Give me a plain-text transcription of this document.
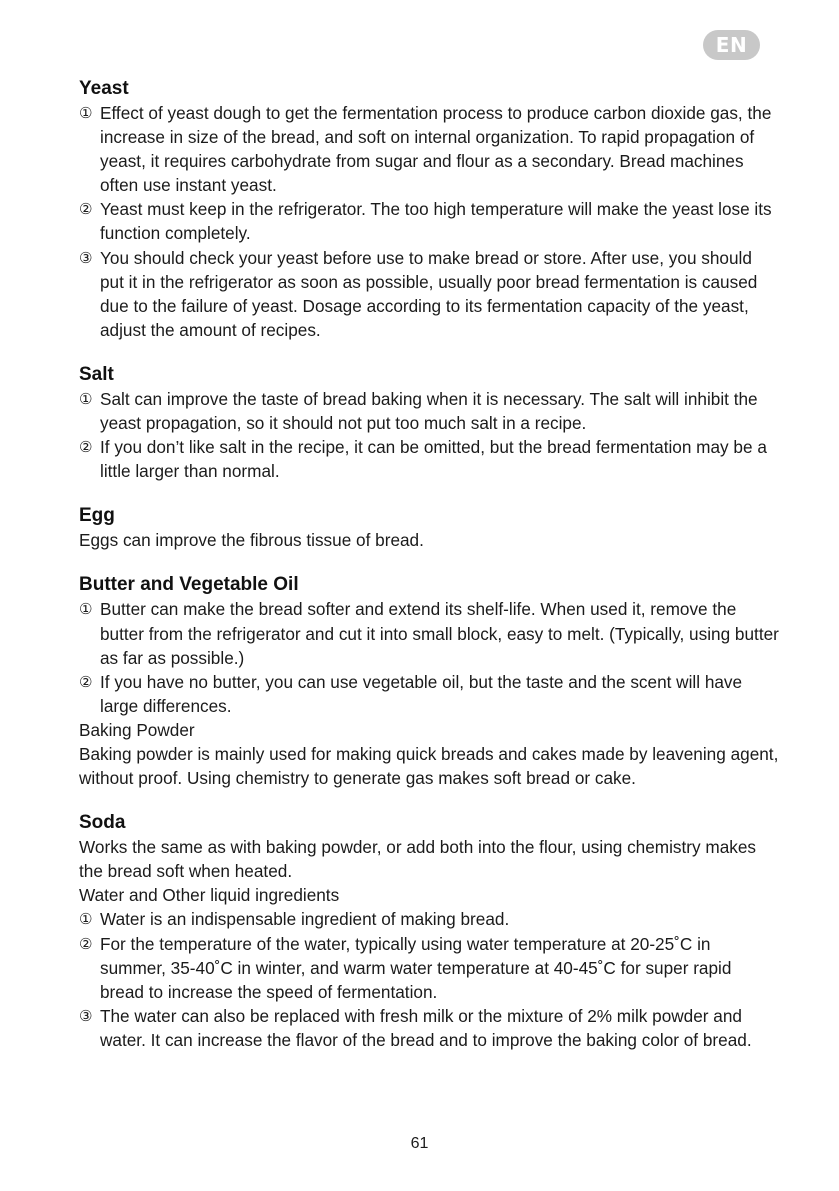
EN
Yeast
① Effect of yeast dough to get the fermentation process to produce carbon dioxide gas, the increase in size of the bread, and soft on internal organization. To rapid propagation of yeast, it requires carbohydrate from sugar and flour as a secondary. Bread machines often use instant yeast.

② Yeast must keep in the refrigerator. The too high temperature will make the yeast lose its function completely.

③ You should check your yeast before use to make bread or store. After use, you should put it in the refrigerator as soon as possible, usually poor bread fermentation is caused due to the failure of yeast. Dosage according to its fermentation capacity of the yeast, adjust the amount of recipes.

Salt
① Salt can improve the taste of bread baking when it is necessary. The salt will inhibit the yeast propagation, so it should not put too much salt in a recipe.

② If you don’t like salt in the recipe, it can be omitted, but the bread fermentation may be a little larger than normal.

Egg

Eggs can improve the fibrous tissue of bread.

Butter and Vegetable Oil
① Butter can make the bread softer and extend its shelf-life. When used it, remove the butter from the refrigerator and cut it into small block, easy to melt. (Typically, using butter as far as possible.)

② If you have no butter, you can use vegetable oil, but the taste and the scent will have large differences.

Baking Powder

Baking powder is mainly used for making quick breads and cakes made by leavening agent, without proof. Using chemistry to generate gas makes soft bread or cake.

Soda

Works the same as with baking powder, or add both into the flour, using chemistry makes the bread soft when heated.

Water and Other liquid ingredients

① Water is an indispensable ingredient of making bread.

② For the temperature of the water, typically using water temperature at 20-25˚C in summer, 35-40˚C in winter, and warm water temperature at 40-45˚C for super rapid bread to increase the speed of fermentation.

③ The water can also be replaced with fresh milk or the mixture of 2% milk powder and water. It can increase the flavor of the bread and to improve the baking color of bread.

61
